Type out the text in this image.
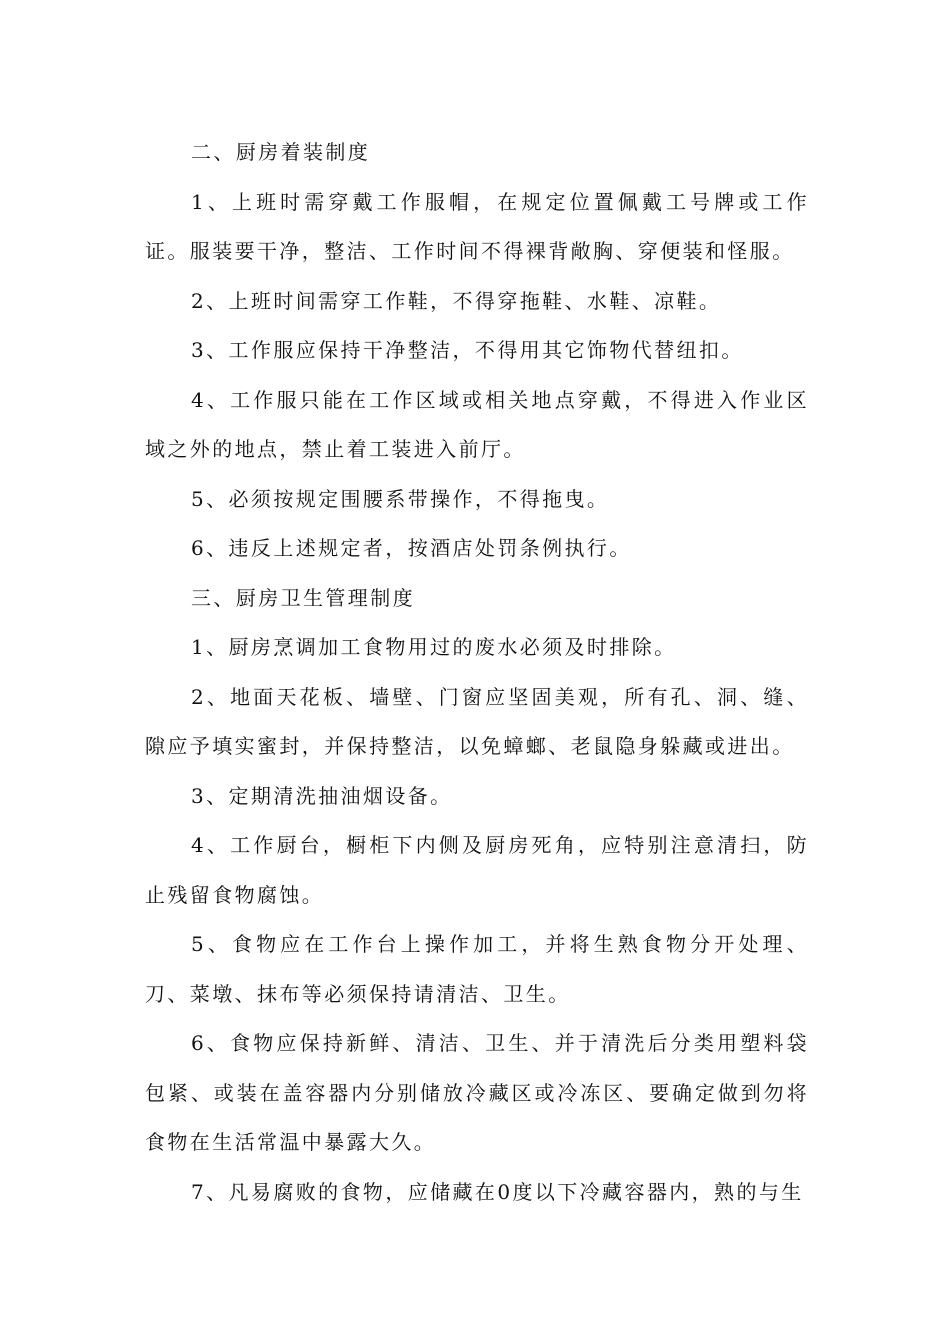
二、厨房着装制度

1、上班时需穿戴工作服帽，在规定位置佩戴工号牌或工作证。服装要干净，整洁、工作时间不得裸背敞胸、穿便装和怪服。

2、上班时间需穿工作鞋，不得穿拖鞋、水鞋、凉鞋。

3、工作服应保持干净整洁，不得用其它饰物代替纽扣。

4、工作服只能在工作区域或相关地点穿戴，不得进入作业区域之外的地点，禁止着工装进入前厅。

5、必须按规定围腰系带操作，不得拖曳。

6、违反上述规定者，按酒店处罚条例执行。

三、厨房卫生管理制度

1、厨房烹调加工食物用过的废水必须及时排除。

2、地面天花板、墙壁、门窗应坚固美观，所有孔、洞、缝、隙应予填实蜜封，并保持整洁，以免蟑螂、老鼠隐身躲藏或进出。

3、定期清洗抽油烟设备。

4、工作厨台，橱柜下内侧及厨房死角，应特别注意清扫，防止残留食物腐蚀。

5、食物应在工作台上操作加工，并将生熟食物分开处理、刀、菜墩、抹布等必须保持请清洁、卫生。

6、食物应保持新鲜、清洁、卫生、并于清洗后分类用塑料袋包紧、或装在盖容器内分别储放冷藏区或冷冻区、要确定做到勿将食物在生活常温中暴露大久。

7、凡易腐败的食物，应储藏在0度以下冷藏容器内，熟的与生
